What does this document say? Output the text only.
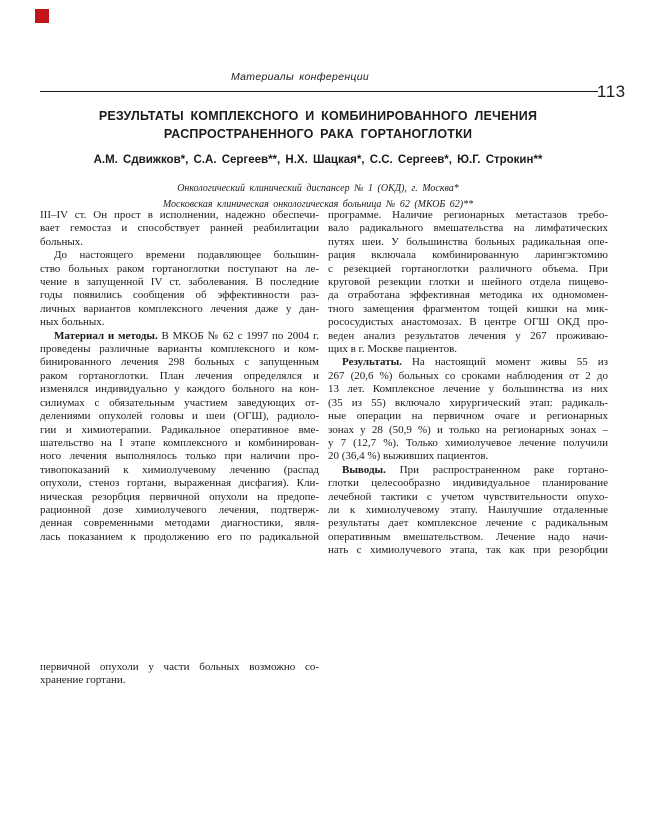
Материалы конференции
113
РЕЗУЛЬТАТЫ КОМПЛЕКСНОГО И КОМБИНИРОВАННОГО ЛЕЧЕНИЯ
РАСПРОСТРАНЕННОГО РАКА ГОРТАНОГЛОТКИ
А.М. Сдвижков*, С.А. Сергеев**, Н.Х. Шацкая*, С.С. Сергеев*, Ю.Г. Строкин**
Онкологический клинический диспансер № 1 (ОКД), г. Москва*
Московская клиническая онкологическая больница № 62 (МКОБ 62)**
III–IV ст. Он прост в исполнении, надежно обеспечи-
вает гемостаз и способствует ранней реабилитации
больных.
До настоящего времени подавляющее большин-
ство больных раком гортаноглотки поступают на ле-
чение в запущенной IV ст. заболевания. В последние
годы появились сообщения об эффективности раз-
личных вариантов комплексного лечения даже у дан-
ных больных.
Материал и методы. В МКОБ № 62 с 1997 по 2004 г.
проведены различные варианты комплексного и ком-
бинированного лечения 298 больных с запущенным
раком гортаноглотки. План лечения определялся и
изменялся индивидуально у каждого больного на кон-
силиумах с обязательным участием заведующих от-
делениями опухолей головы и шеи (ОГШ), радиоло-
гии и химиотерапии. Радикальное оперативное вме-
шательство на I этапе комплексного и комбинирован-
ного лечения выполнялось только при наличии про-
тивопоказаний к химиолучевому лечению (распад
опухоли, стеноз гортани, выраженная дисфагия). Кли-
ническая резорбция первичной опухоли на предопе-
рационной дозе химиолучевого лечения, подтверж-
денная современными методами диагностики, явля-
лась показанием к продолжению его по радикальной
программе. Наличие регионарных метастазов требо-
вало радикального вмешательства на лимфатических
путях шеи. У большинства больных радикальная опе-
рация включала комбинированную ларингэктомию
с резекцией гортаноглотки различного объема. При
круговой резекции глотки и шейного отдела пищево-
да отработана эффективная методика их одномомен-
тного замещения фрагментом тощей кишки на мик-
рососудистых анастомозах. В центре ОГШ ОКД про-
веден анализ результатов лечения у 267 проживаю-
щих в г. Москве пациентов.
Результаты. На настоящий момент живы 55 из
267 (20,6 %) больных со сроками наблюдения от 2 до
13 лет. Комплексное лечение у большинства из них
(35 из 55) включало хирургический этап: радикаль-
ные операции на первичном очаге и регионарных
зонах у 28 (50,9 %) и только на регионарных зонах –
у 7 (12,7 %). Только химиолучевое лечение получили
20 (36,4 %) выживших пациентов.
Выводы. При распространенном раке гортано-
глотки целесообразно индивидуальное планирование
лечебной тактики с учетом чувствительности опухо-
ли к химиолучевому этапу. Наилучшие отдаленные
результаты дает комплексное лечение с радикальным
оперативным вмешательством. Лечение надо начи-
нать с химиолучевого этапа, так как при резорбции
первичной опухоли у части больных возможно со-
хранение гортани.
